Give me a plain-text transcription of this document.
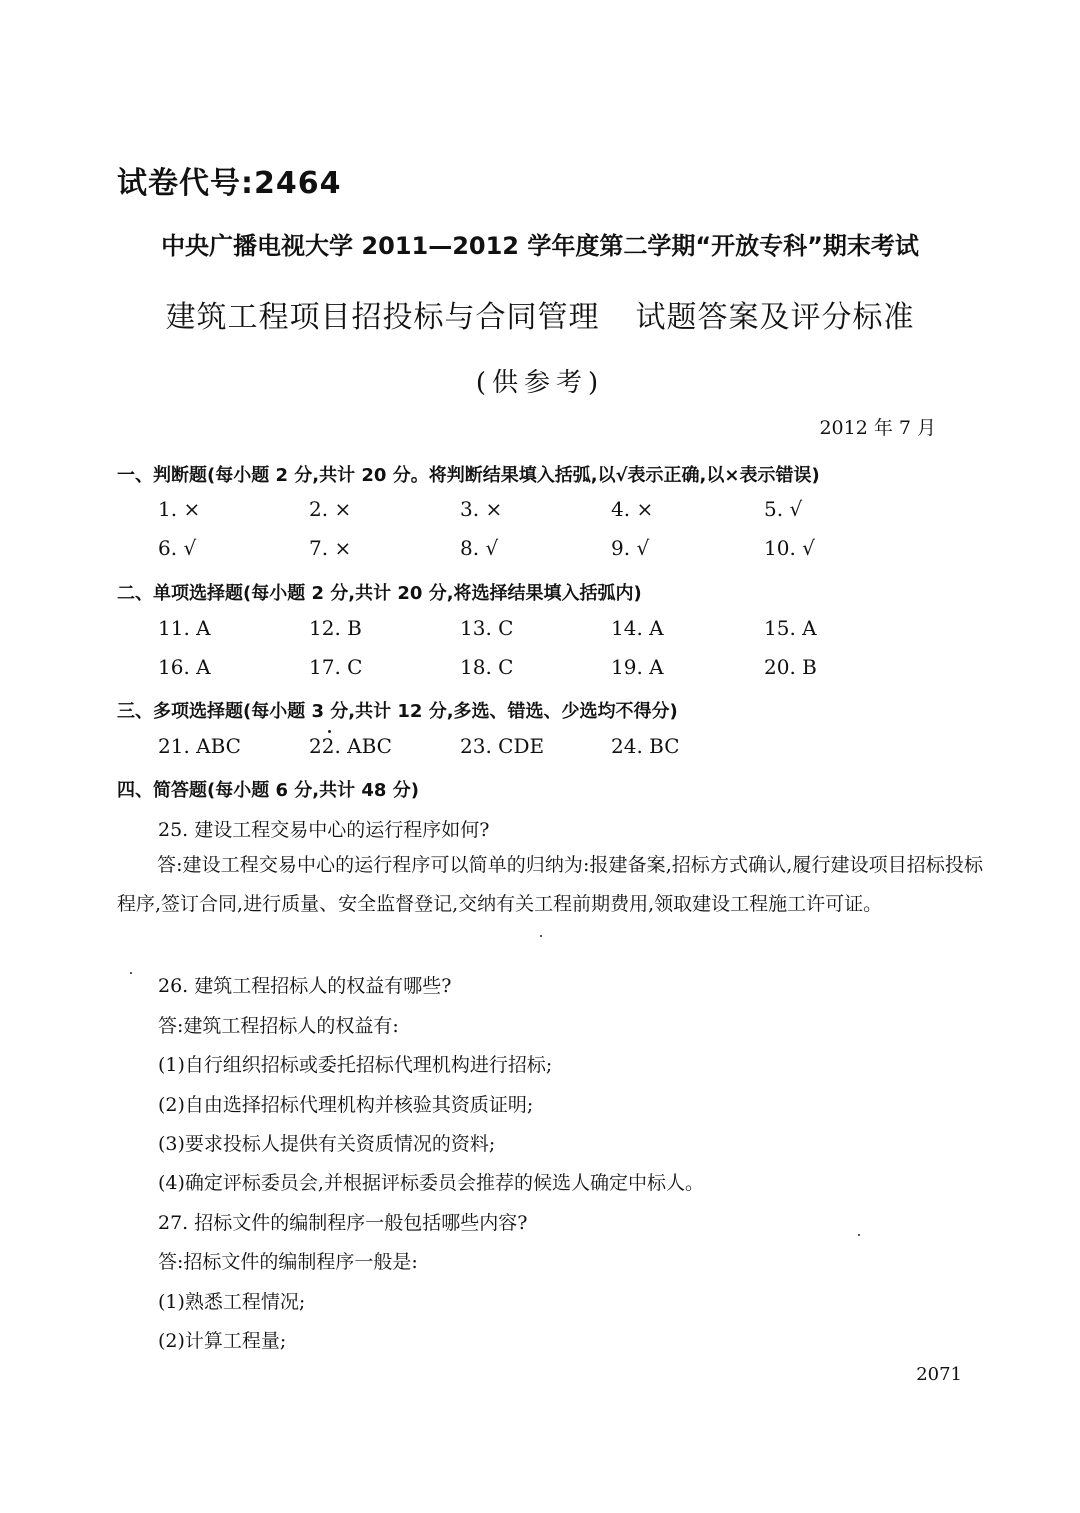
试卷代号:2464
中央广播电视大学 2011—2012 学年度第二学期“开放专科”期末考试
建筑工程项目招投标与合同管理 试题答案及评分标准
(供参考)
2012 年 7 月
一、判断题(每小题 2 分,共计 20 分。将判断结果填入括弧,以√表示正确,以×表示错误)
1. ×	2. ×	3. ×	4. ×	5. √
6. √	7. ×	8. √	9. √	10. √
二、单项选择题(每小题 2 分,共计 20 分,将选择结果填入括弧内)
11. A	12. B	13. C	14. A	15. A
16. A	17. C	18. C	19. A	20. B
三、多项选择题(每小题 3 分,共计 12 分,多选、错选、少选均不得分)
21. ABC	22. ABC	23. CDE	24. BC
四、简答题(每小题 6 分,共计 48 分)
25. 建设工程交易中心的运行程序如何?
答:建设工程交易中心的运行程序可以简单的归纳为:报建备案,招标方式确认,履行建设项目招标投标程序,签订合同,进行质量、安全监督登记,交纳有关工程前期费用,领取建设工程施工许可证。
26. 建筑工程招标人的权益有哪些?
答:建筑工程招标人的权益有:
(1)自行组织招标或委托招标代理机构进行招标;
(2)自由选择招标代理机构并核验其资质证明;
(3)要求投标人提供有关资质情况的资料;
(4)确定评标委员会,并根据评标委员会推荐的候选人确定中标人。
27. 招标文件的编制程序一般包括哪些内容?
答:招标文件的编制程序一般是:
(1)熟悉工程情况;
(2)计算工程量;
2071
